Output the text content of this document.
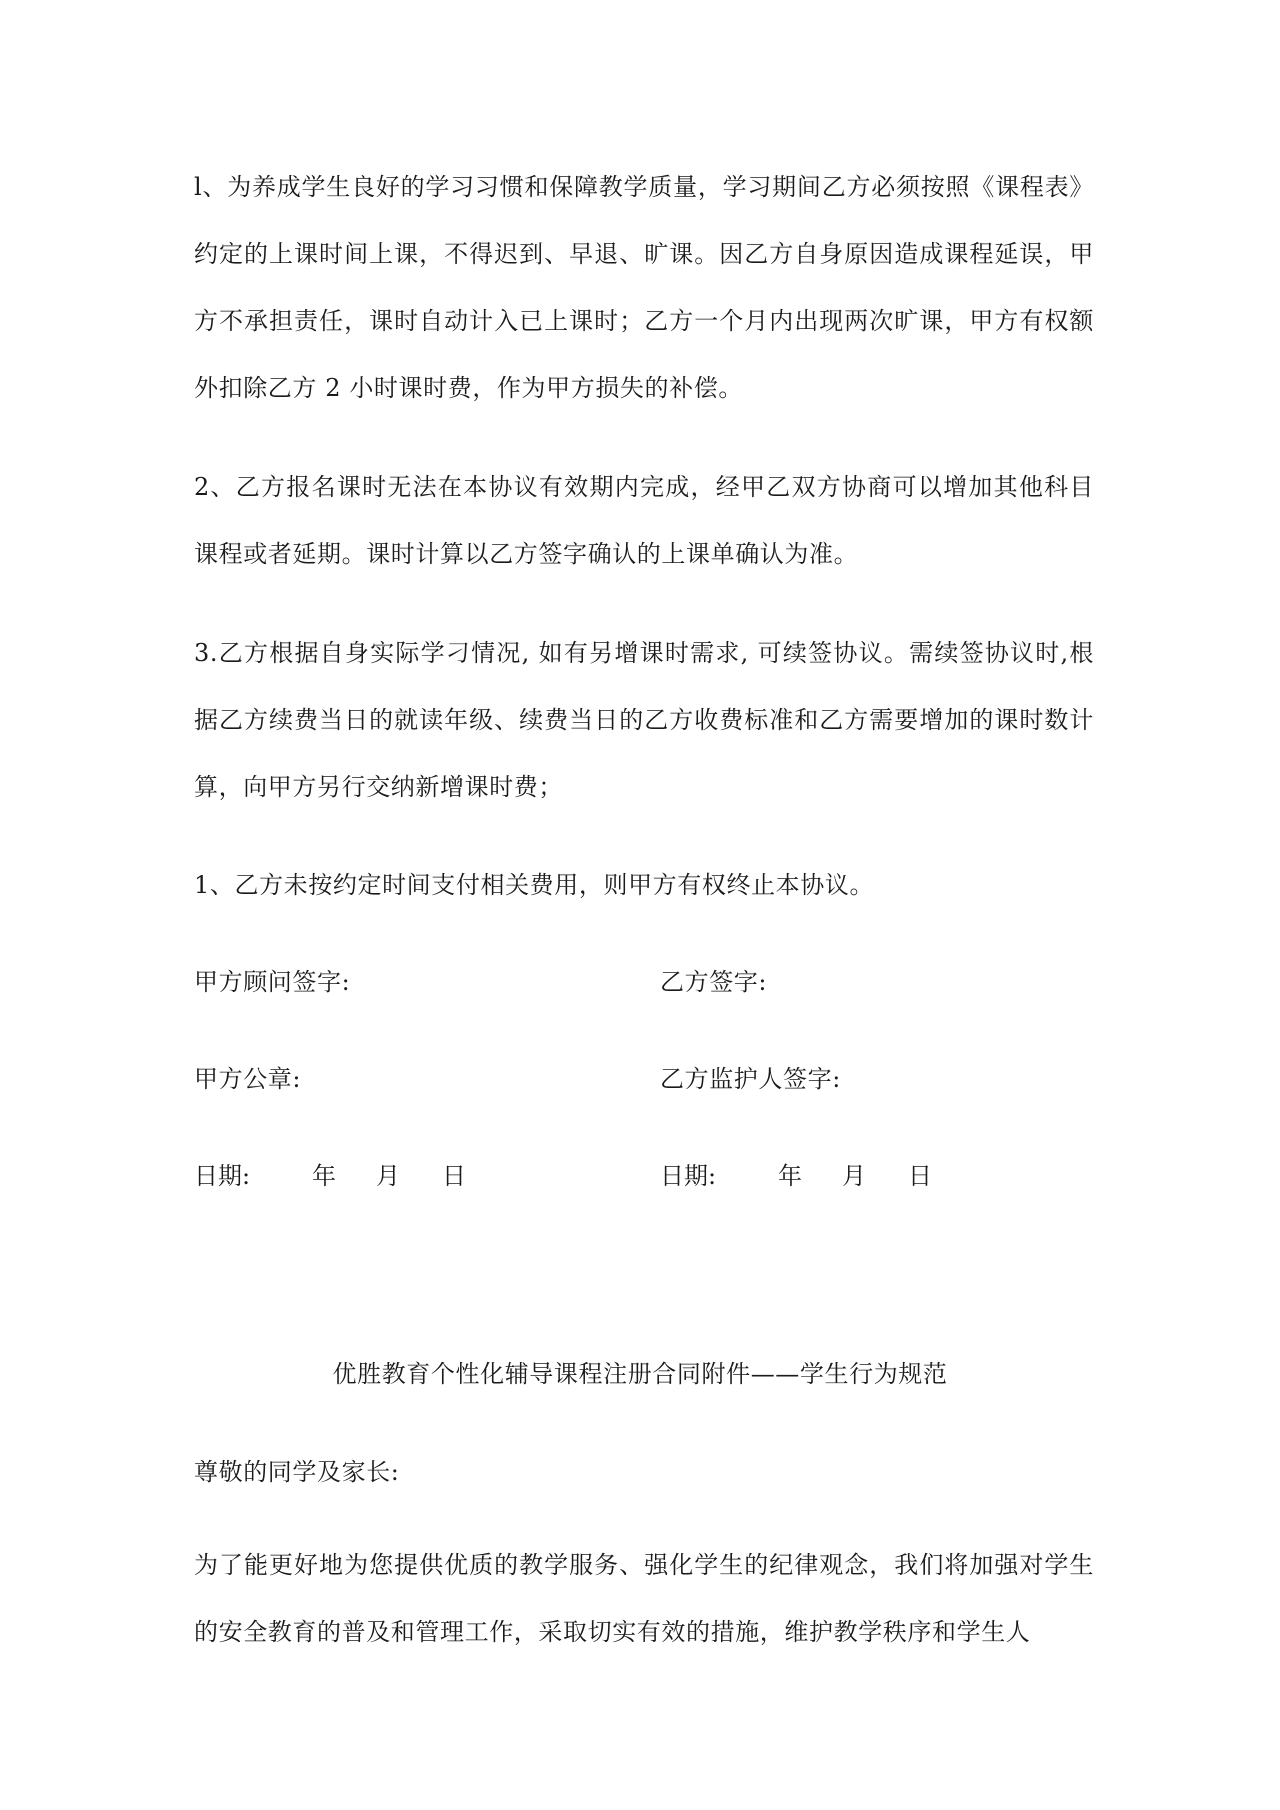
l、为养成学生良好的学习习惯和保障教学质量，学习期间乙方必须按照《课程表》约定的上课时间上课，不得迟到、早退、旷课。因乙方自身原因造成课程延误，甲方不承担责任，课时自动计入已上课时；乙方一个月内出现两次旷课，甲方有权额外扣除乙方 2 小时课时费，作为甲方损失的补偿。

2、乙方报名课时无法在本协议有效期内完成，经甲乙双方协商可以增加其他科目课程或者延期。课时计算以乙方签字确认的上课单确认为准。

3.乙方根据自身实际学刁情况, 如有另增课时需求, 可续签协议。需续签协议时,根据乙方续费当日的就读年级、续费当日的乙方收费标准和乙方需要增加的课时数计算，向甲方另行交纳新增课时费；

1、乙方未按约定时间支付相关费用，则甲方有权终止本协议。

甲方顾问签字:	乙方签字:
甲方公章:	乙方监护人签字:
日期:	年 月 日	日期:	年 月 日
优胜教育个性化辅导课程注册合同附件——学生行为规范
尊敬的同学及家长:

为了能更好地为您提供优质的教学服务、强化学生的纪律观念，我们将加强对学生的安全教育的普及和管理工作，采取切实有效的措施，维护教学秩序和学生人
